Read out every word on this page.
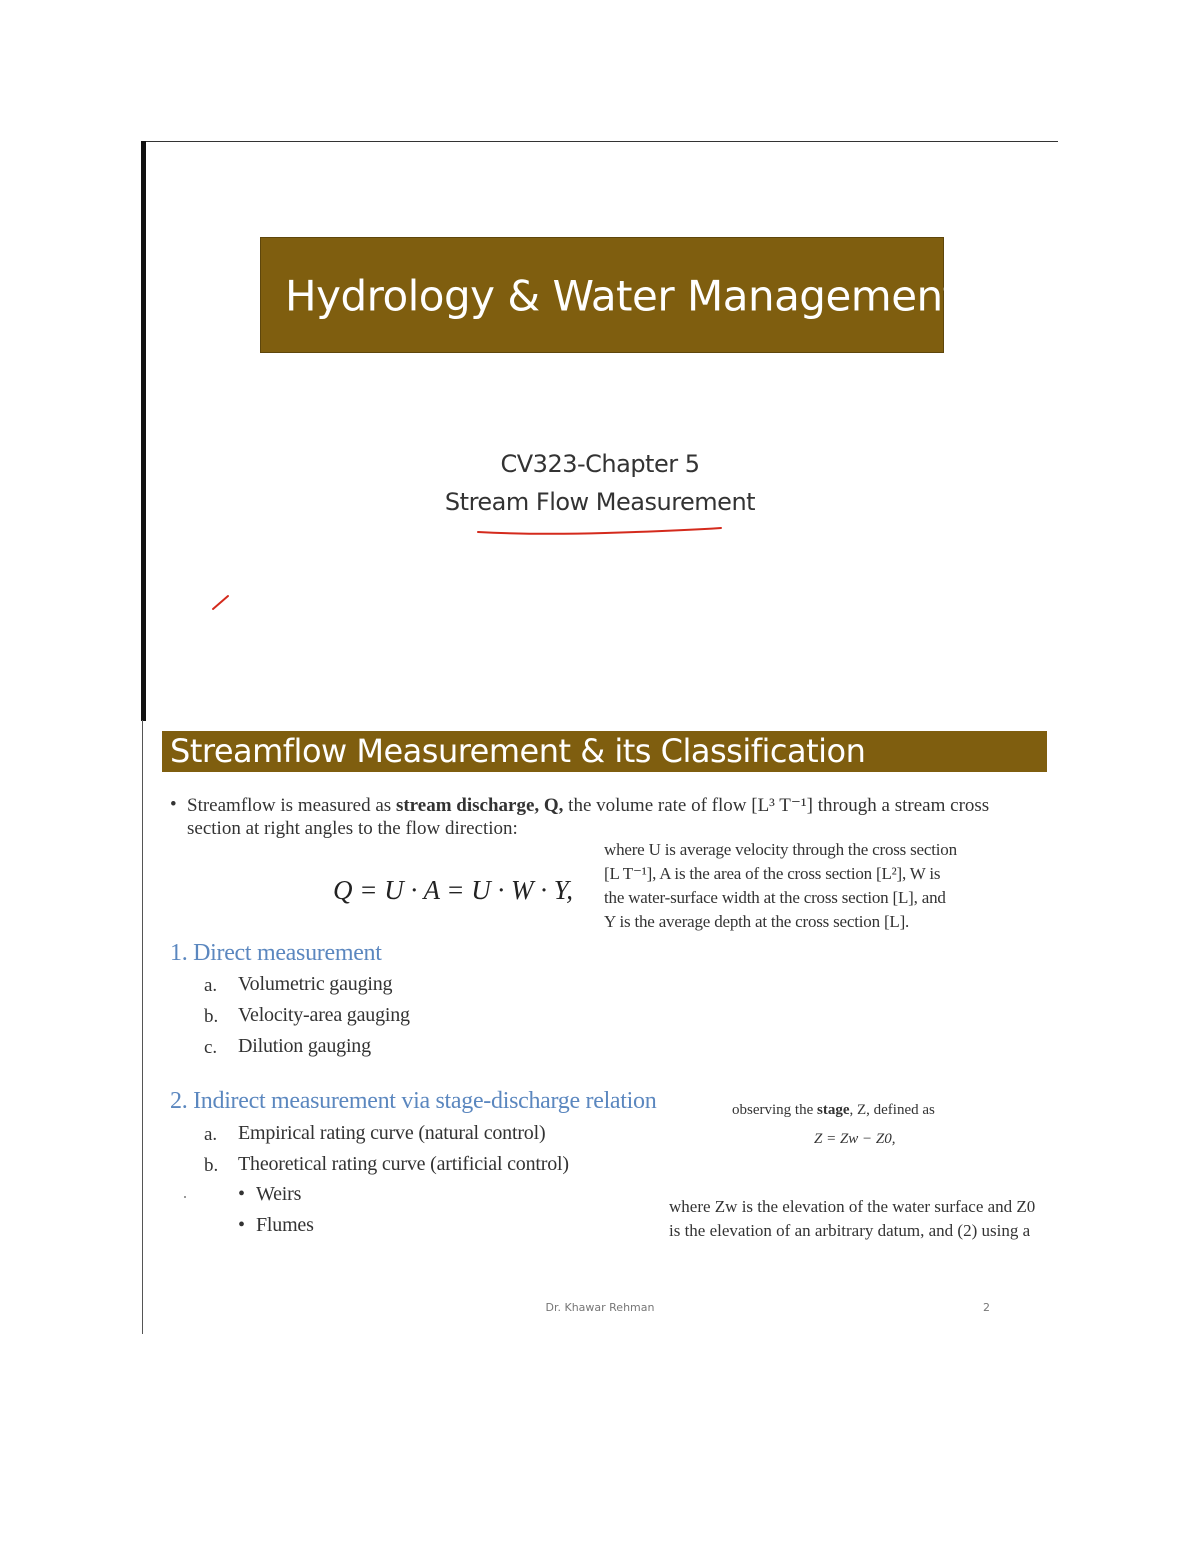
Hydrology & Water Management
CV323-Chapter 5
Stream Flow Measurement
Streamflow Measurement & its Classification
• Streamflow is measured as stream discharge, Q, the volume rate of flow [L³ T⁻¹] through a stream cross
section at right angles to the flow direction:
Q = U · A = U · W · Y,
where U is average velocity through the cross section
[L T⁻¹], A is the area of the cross section [L²], W is
the water-surface width at the cross section [L], and
Y is the average depth at the cross section [L].
1. Direct measurement
a. Volumetric gauging
b. Velocity-area gauging
c. Dilution gauging
2. Indirect measurement via stage-discharge relation
a. Empirical rating curve (natural control)
b. Theoretical rating curve (artificial control)
• Weirs
• Flumes
observing the stage, Z, defined as
Z = Zw − Z0,
where Zw is the elevation of the water surface and Z0
is the elevation of an arbitrary datum, and (2) using a
Dr. Khawar Rehman	2
